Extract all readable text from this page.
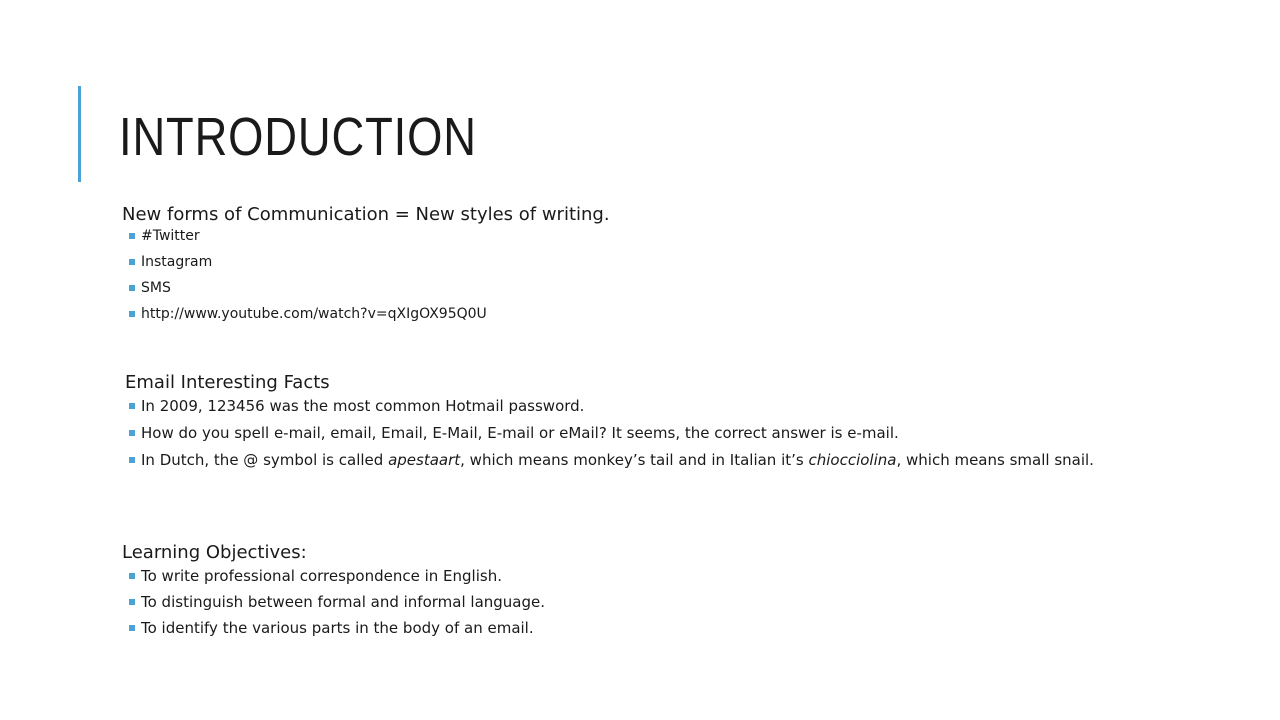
INTRODUCTION

New forms of Communication = New styles of writing.

#Twitter
Instagram
SMS
http://www.youtube.com/watch?v=qXIgOX95Q0U

Email Interesting Facts

In 2009, 123456 was the most common Hotmail password.
How do you spell e-mail, email, Email, E-Mail, E-mail or eMail? It seems, the correct answer is e-mail.
In Dutch, the @ symbol is called apestaart, which means monkey’s tail and in Italian it’s chiocciolina, which means small snail.

Learning Objectives:

To write professional correspondence in English.
To distinguish between formal and informal language.
To identify the various parts in the body of an email.
